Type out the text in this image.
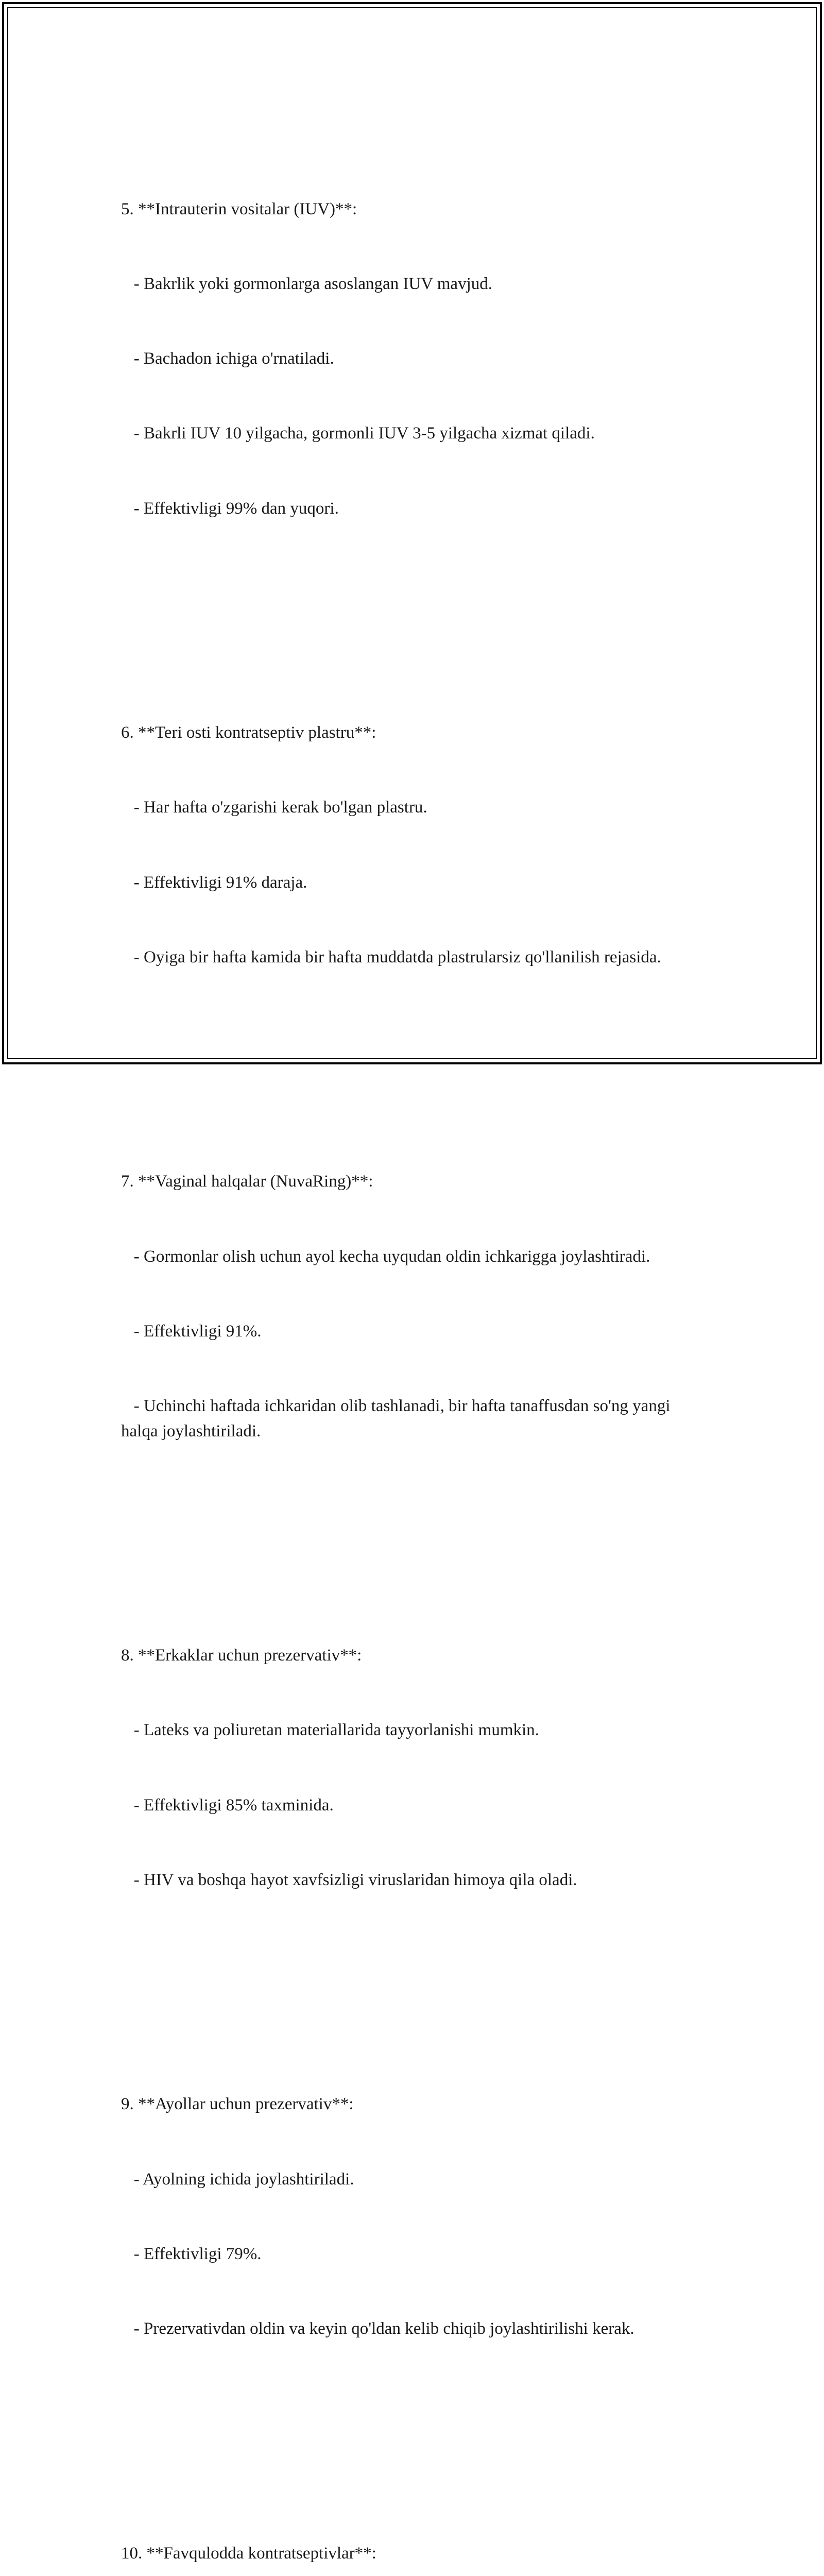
5. **Intrauterin vositalar (IUV)**:

- Bakrlik yoki gormonlarga asoslangan IUV mavjud.

- Bachadon ichiga o'rnatiladi.

- Bakrli IUV 10 yilgacha, gormonli IUV 3-5 yilgacha xizmat qiladi.

- Effektivligi 99% dan yuqori.

6. **Teri osti kontratseptiv plastru**:

- Har hafta o'zgarishi kerak bo'lgan plastru.

- Effektivligi 91% daraja.

- Oyiga bir hafta kamida bir hafta muddatda plastrularsiz qo'llanilish rejasida.

7. **Vaginal halqalar (NuvaRing)**:

- Gormonlar olish uchun ayol kecha uyqudan oldin ichkarigga joylashtiradi.

- Effektivligi 91%.

- Uchinchi haftada ichkaridan olib tashlanadi, bir hafta tanaffusdan so'ng yangi halqa joylashtiriladi.

8. **Erkaklar uchun prezervativ**:

- Lateks va poliuretan materiallarida tayyorlanishi mumkin.

- Effektivligi 85% taxminida.

- HIV va boshqa hayot xavfsizligi viruslaridan himoya qila oladi.

9. **Ayollar uchun prezervativ**:

- Ayolning ichida joylashtiriladi.

- Effektivligi 79%.

- Prezervativdan oldin va keyin qo'ldan kelib chiqib joylashtirilishi kerak.

10. **Favqulodda kontratseptivlar**:
